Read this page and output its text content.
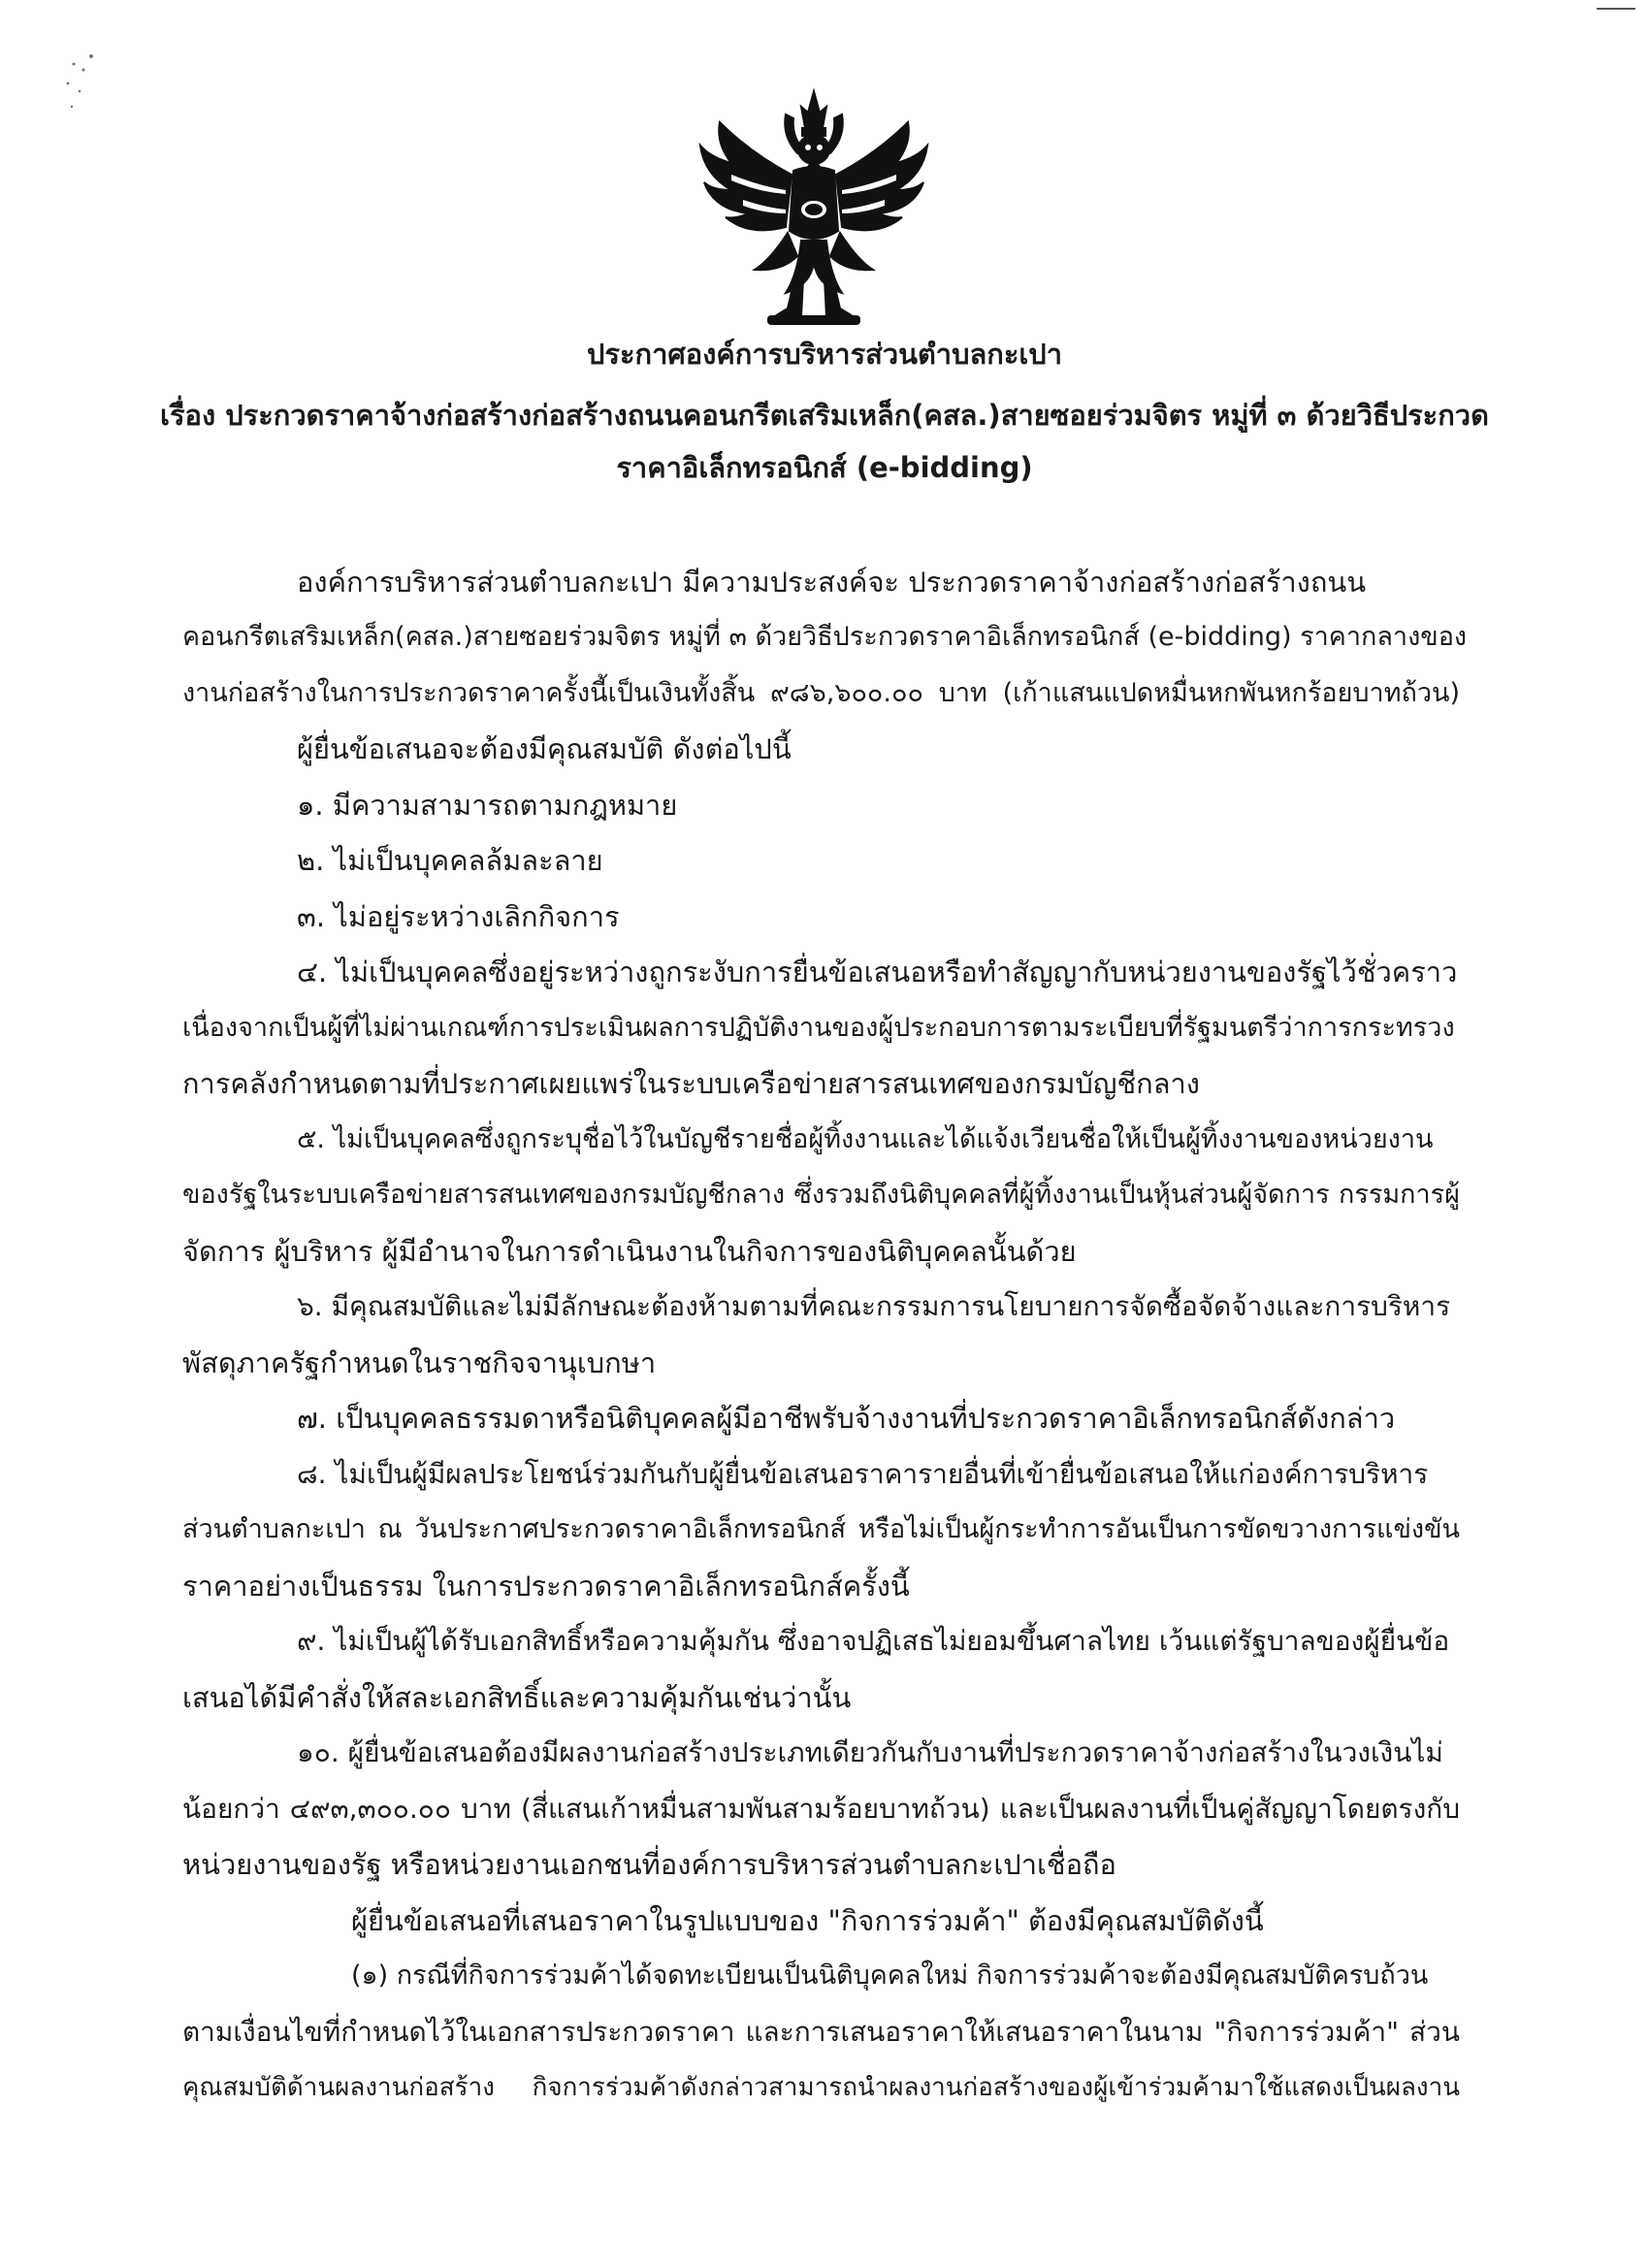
ประกาศองค์การบริหารส่วนตำบลกะเปา
เรื่อง ประกวดราคาจ้างก่อสร้างก่อสร้างถนนคอนกรีตเสริมเหล็ก(คสล.)สายซอยร่วมจิตร หมู่ที่ ๓ ด้วยวิธีประกวด
ราคาอิเล็กทรอนิกส์ (e-bidding)
องค์การบริหารส่วนตำบลกะเปา มีความประสงค์จะ ประกวดราคาจ้างก่อสร้างก่อสร้างถนน
คอนกรีตเสริมเหล็ก(คสล.)สายซอยร่วมจิตร หมู่ที่ ๓ ด้วยวิธีประกวดราคาอิเล็กทรอนิกส์ (e-bidding) ราคากลางของ
งานก่อสร้างในการประกวดราคาครั้งนี้เป็นเงินทั้งสิ้น ๙๘๖,๖๐๐.๐๐ บาท (เก้าแสนแปดหมื่นหกพันหกร้อยบาทถ้วน)
ผู้ยื่นข้อเสนอจะต้องมีคุณสมบัติ ดังต่อไปนี้
๑. มีความสามารถตามกฎหมาย
๒. ไม่เป็นบุคคลล้มละลาย
๓. ไม่อยู่ระหว่างเลิกกิจการ
๔. ไม่เป็นบุคคลซึ่งอยู่ระหว่างถูกระงับการยื่นข้อเสนอหรือทำสัญญากับหน่วยงานของรัฐไว้ชั่วคราว
เนื่องจากเป็นผู้ที่ไม่ผ่านเกณฑ์การประเมินผลการปฏิบัติงานของผู้ประกอบการตามระเบียบที่รัฐมนตรีว่าการกระทรวง
การคลังกำหนดตามที่ประกาศเผยแพร่ในระบบเครือข่ายสารสนเทศของกรมบัญชีกลาง
๕. ไม่เป็นบุคคลซึ่งถูกระบุชื่อไว้ในบัญชีรายชื่อผู้ทิ้งงานและได้แจ้งเวียนชื่อให้เป็นผู้ทิ้งงานของหน่วยงาน
ของรัฐในระบบเครือข่ายสารสนเทศของกรมบัญชีกลาง ซึ่งรวมถึงนิติบุคคลที่ผู้ทิ้งงานเป็นหุ้นส่วนผู้จัดการ กรรมการผู้
จัดการ ผู้บริหาร ผู้มีอำนาจในการดำเนินงานในกิจการของนิติบุคคลนั้นด้วย
๖. มีคุณสมบัติและไม่มีลักษณะต้องห้ามตามที่คณะกรรมการนโยบายการจัดซื้อจัดจ้างและการบริหาร
พัสดุภาครัฐกำหนดในราชกิจจานุเบกษา
๗. เป็นบุคคลธรรมดาหรือนิติบุคคลผู้มีอาชีพรับจ้างงานที่ประกวดราคาอิเล็กทรอนิกส์ดังกล่าว
๘. ไม่เป็นผู้มีผลประโยชน์ร่วมกันกับผู้ยื่นข้อเสนอราคารายอื่นที่เข้ายื่นข้อเสนอให้แก่องค์การบริหาร
ส่วนตำบลกะเปา ณ วันประกาศประกวดราคาอิเล็กทรอนิกส์ หรือไม่เป็นผู้กระทำการอันเป็นการขัดขวางการแข่งขัน
ราคาอย่างเป็นธรรม ในการประกวดราคาอิเล็กทรอนิกส์ครั้งนี้
๙. ไม่เป็นผู้ได้รับเอกสิทธิ์หรือความคุ้มกัน ซึ่งอาจปฏิเสธไม่ยอมขึ้นศาลไทย เว้นแต่รัฐบาลของผู้ยื่นข้อ
เสนอได้มีคำสั่งให้สละเอกสิทธิ์และความคุ้มกันเช่นว่านั้น
๑๐. ผู้ยื่นข้อเสนอต้องมีผลงานก่อสร้างประเภทเดียวกันกับงานที่ประกวดราคาจ้างก่อสร้างในวงเงินไม่
น้อยกว่า ๔๙๓,๓๐๐.๐๐ บาท (สี่แสนเก้าหมื่นสามพันสามร้อยบาทถ้วน) และเป็นผลงานที่เป็นคู่สัญญาโดยตรงกับ
หน่วยงานของรัฐ หรือหน่วยงานเอกชนที่องค์การบริหารส่วนตำบลกะเปาเชื่อถือ
ผู้ยื่นข้อเสนอที่เสนอราคาในรูปแบบของ "กิจการร่วมค้า" ต้องมีคุณสมบัติดังนี้
(๑) กรณีที่กิจการร่วมค้าได้จดทะเบียนเป็นนิติบุคคลใหม่ กิจการร่วมค้าจะต้องมีคุณสมบัติครบถ้วน
ตามเงื่อนไขที่กำหนดไว้ในเอกสารประกวดราคา และการเสนอราคาให้เสนอราคาในนาม "กิจการร่วมค้า" ส่วน
คุณสมบัติด้านผลงานก่อสร้าง กิจการร่วมค้าดังกล่าวสามารถนำผลงานก่อสร้างของผู้เข้าร่วมค้ามาใช้แสดงเป็นผลงาน
